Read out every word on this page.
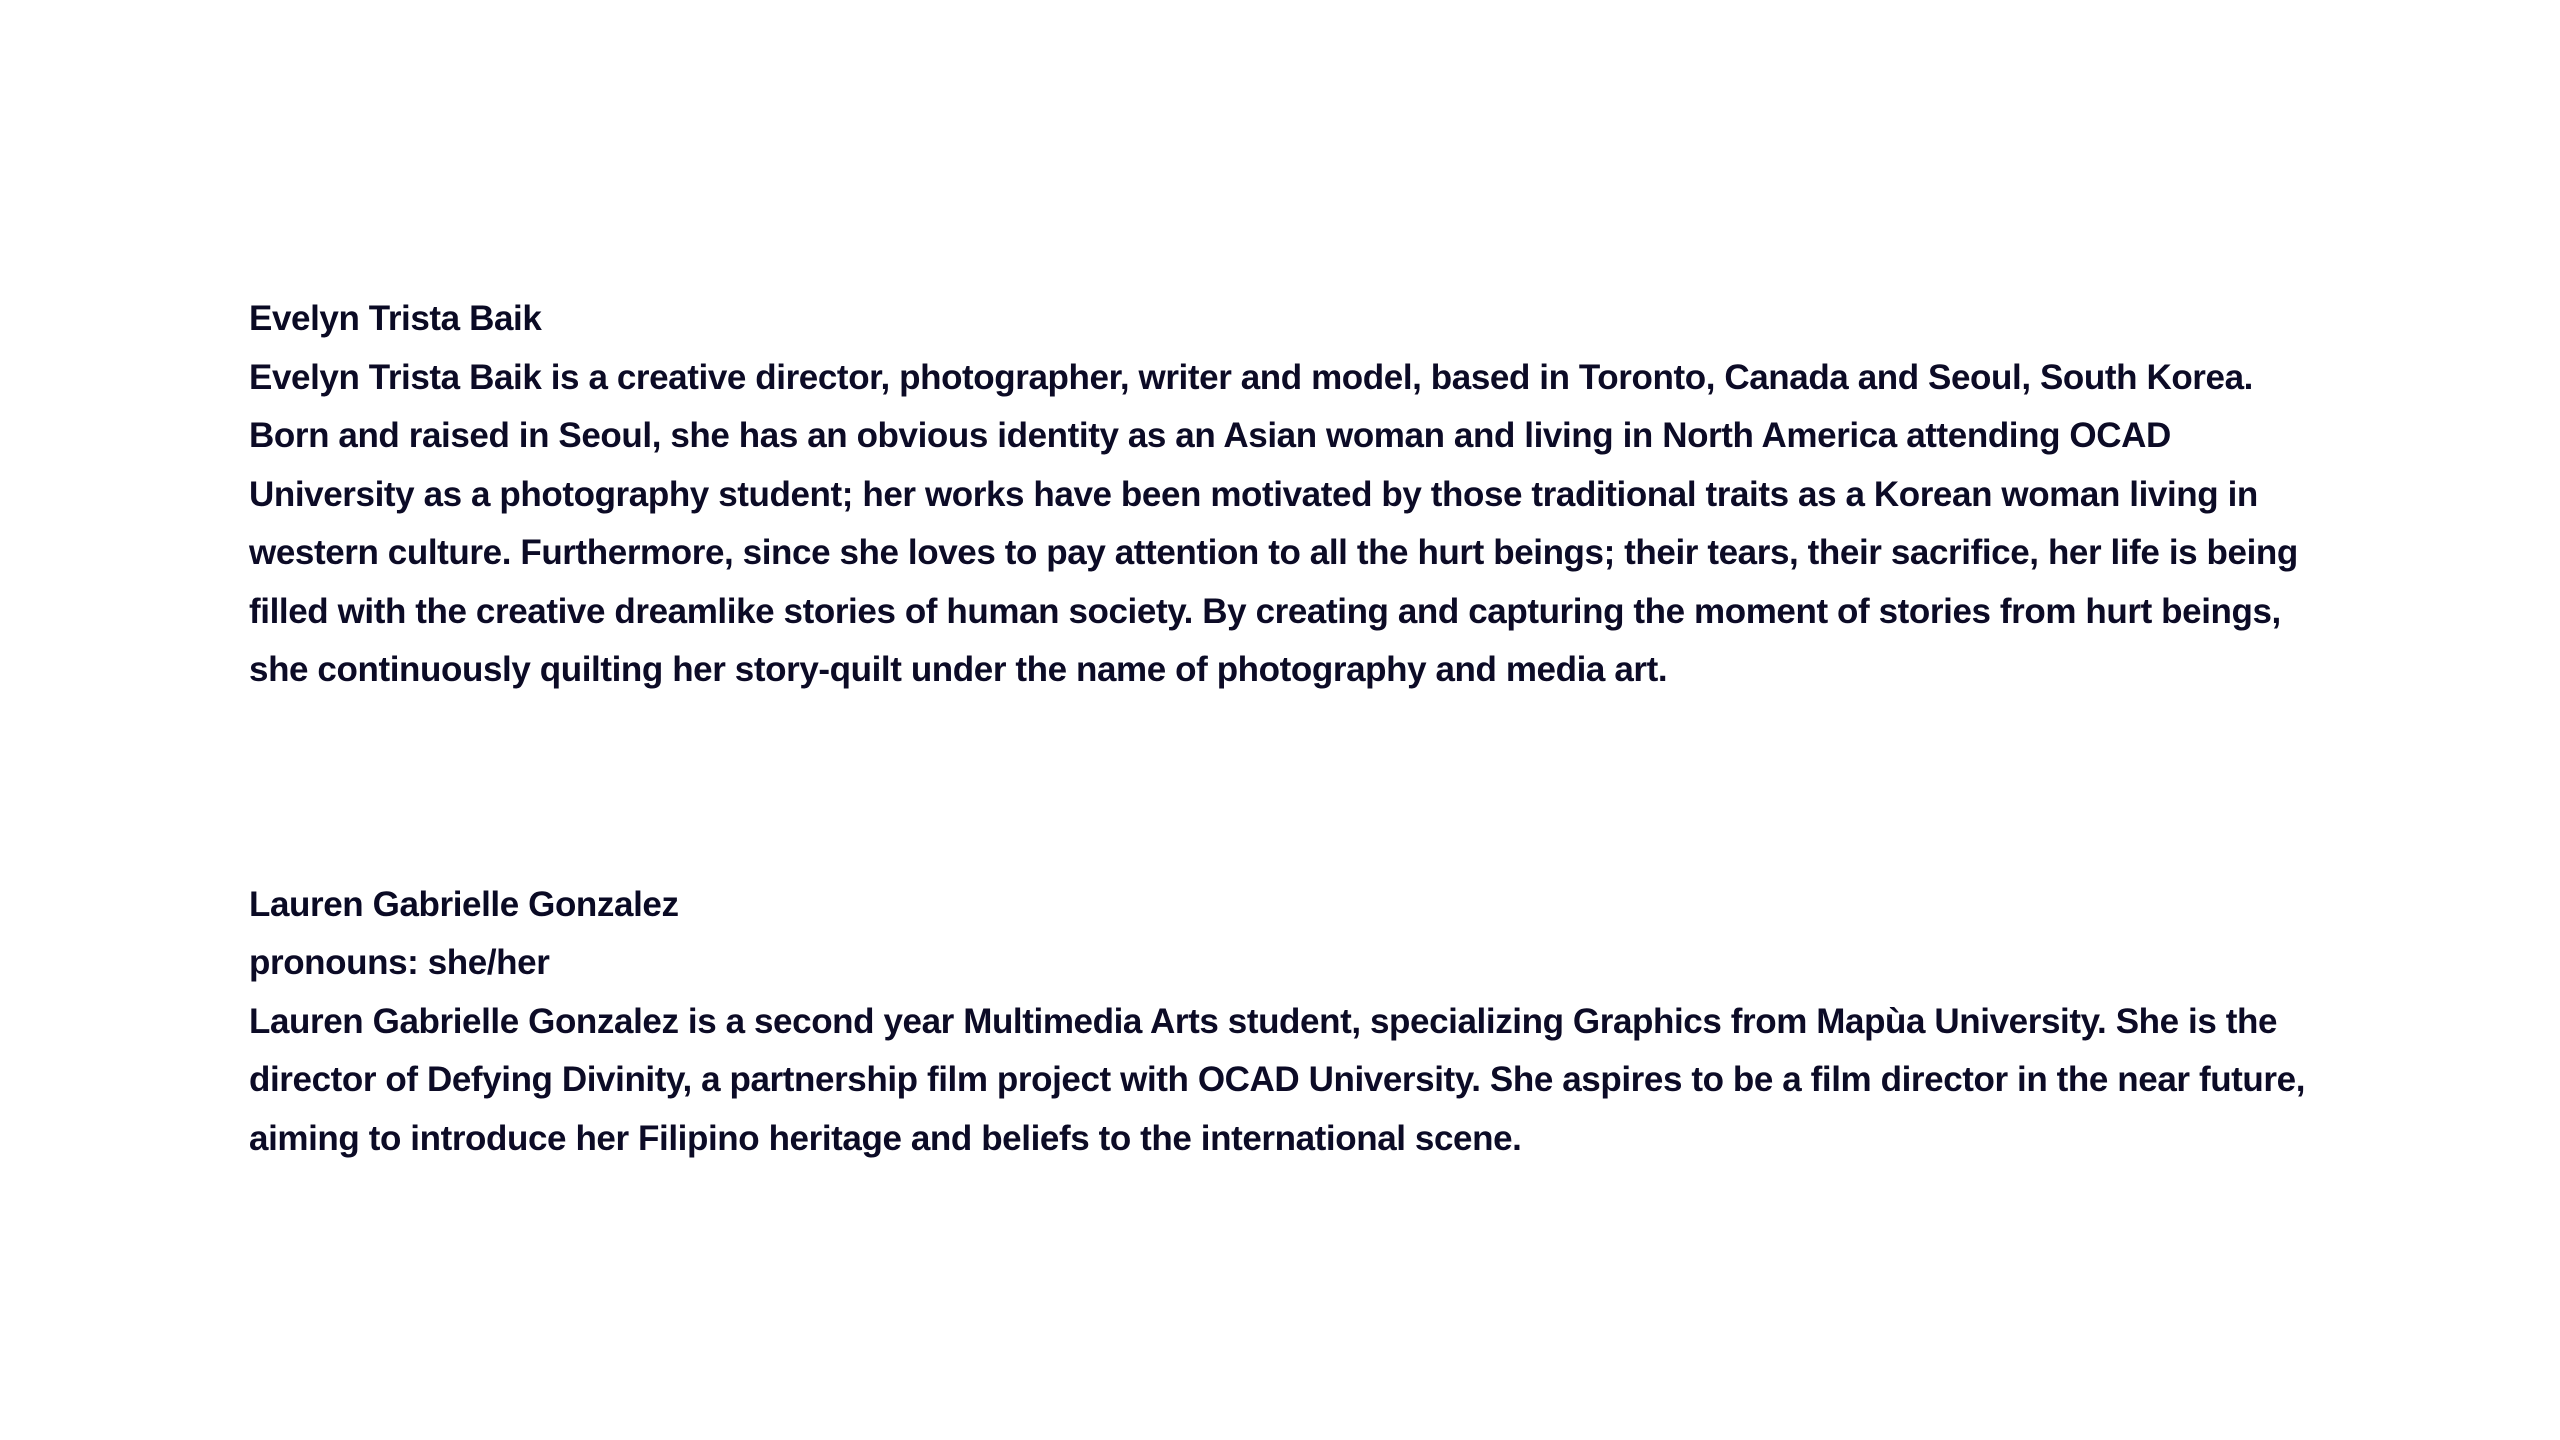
Evelyn Trista Baik

Evelyn Trista Baik is a creative director, photographer, writer and model, based in Toronto, Canada and Seoul, South Korea. Born and raised in Seoul, she has an obvious identity as an Asian woman and living in North America attending OCAD University as a photography student; her works have been motivated by those traditional traits as a Korean woman living in western culture. Furthermore, since she loves to pay attention to all the hurt beings; their tears, their sacrifice, her life is being filled with the creative dreamlike stories of human society. By creating and capturing the moment of stories from hurt beings, she continuously quilting her story-quilt under the name of photography and media art.

Lauren Gabrielle Gonzalez
pronouns: she/her

Lauren Gabrielle Gonzalez is a second year Multimedia Arts student, specializing Graphics from Mapùa University. She is the director of Defying Divinity, a partnership film project with OCAD University. She aspires to be a film director in the near future, aiming to introduce her Filipino heritage and beliefs to the international scene.
